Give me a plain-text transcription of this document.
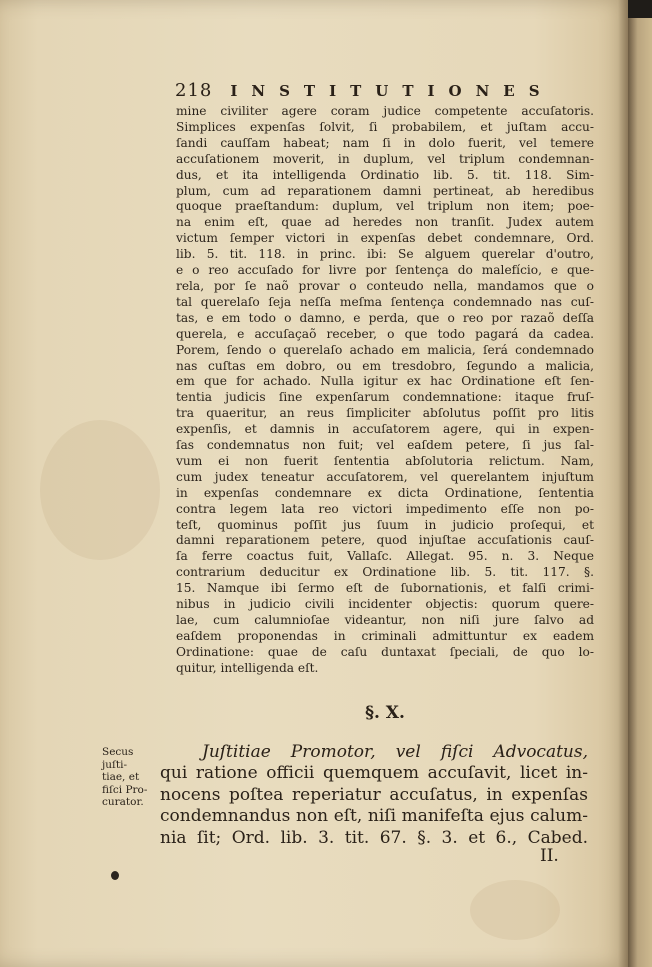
218 INSTITUTIONES
mine civiliter agere coram judice competente accuſatoris.
Simplices expenſas ſolvit, ſi probabilem, et juſtam accu-
ſandi cauſſam habeat; nam ſi in dolo fuerit, vel temere
accuſationem moverit, in duplum, vel triplum condemnan-
dus, et ita intelligenda Ordinatio lib. 5. tit. 118. Sim-
plum, cum ad reparationem damni pertineat, ab heredibus
quoque praeſtandum: duplum, vel triplum non item; poe-
na enim eſt, quae ad heredes non tranſit. Judex autem
victum ſemper victori in expenſas debet condemnare, Ord.
lib. 5. tit. 118. in princ. ibi: Se alguem querelar d'outro,
e o reo accuſado for livre por ſentença do malefício, e que-
rela, por ſe naõ provar o conteudo nella, mandamos que o
tal querelaſo ſeja neſſa meſma ſentença condemnado nas cuſ-
tas, e em todo o damno, e perda, que o reo por razaõ deſſa
querela, e accuſaçaõ receber, o que todo pagará da cadea.
Porem, ſendo o querelaſo achado em malicia, ſerá condemnado
nas cuſtas em dobro, ou em tresdobro, ſegundo a malicia,
em que for achado. Nulla igitur ex hac Ordinatione eſt ſen-
tentia judicis ſine expenſarum condemnatione: itaque fruſ-
tra quaeritur, an reus ſimpliciter abſolutus poſſit pro litis
expenſis, et damnis in accuſatorem agere, qui in expen-
ſas condemnatus non fuit; vel eaſdem petere, ſi jus ſal-
vum ei non fuerit ſententia abſolutoria relictum. Nam,
cum judex teneatur accuſatorem, vel querelantem injuſtum
in expenſas condemnare ex dicta Ordinatione, ſententia
contra legem lata reo victori impedimento eſſe non po-
teſt, quominus poſſit jus ſuum in judicio proſequi, et
damni reparationem petere, quod injuſtae accuſationis cauſ-
ſa ferre coactus fuit, Vallaſc. Allegat. 95. n. 3. Neque
contrarium deducitur ex Ordinatione lib. 5. tit. 117. §.
15. Namque ibi ſermo eſt de ſubornationis, et falſi crimi-
nibus in judicio civili incidenter objectis: quorum quere-
lae, cum calumnioſae videantur, non niſi jure ſalvo ad
eaſdem proponendas in criminali admittuntur ex eadem
Ordinatione: quae de caſu duntaxat ſpeciali, de quo lo-
quitur, intelligenda eſt.
§. X.
Secus
juſti-
tiae, et
fiſci Pro-
curator.
Juſtitiae Promotor, vel fiſci Advocatus,
qui ratione officii quemquem accuſavit, licet in-
nocens poſtea reperiatur accuſatus, in expenſas
condemnandus non eſt, niſi manifeſta ejus calum-
nia ſit; Ord. lib. 3. tit. 67. §. 3. et 6., Cabed.
II.
